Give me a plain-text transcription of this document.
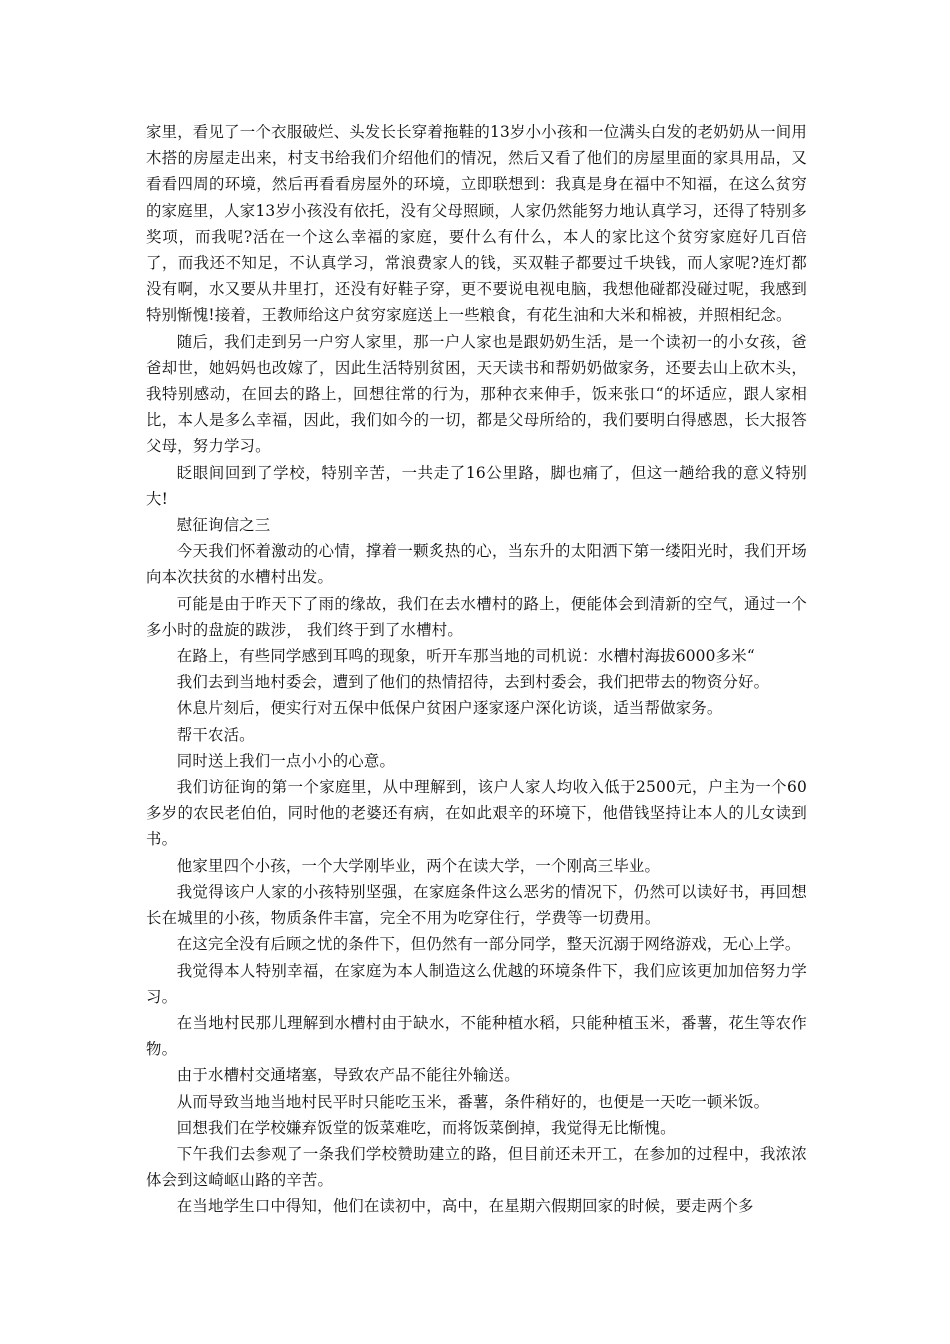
家里，看见了一个衣服破烂、头发长长穿着拖鞋的13岁小小孩和一位满头白发的老奶奶从一间用木搭的房屋走出来，村支书给我们介绍他们的情况，然后又看了他们的房屋里面的家具用品，又看看四周的环境，然后再看看房屋外的环境，立即联想到：我真是身在福中不知福，在这么贫穷的家庭里，人家13岁小孩没有依托，没有父母照顾，人家仍然能努力地认真学习，还得了特别多奖项，而我呢?活在一个这么幸福的家庭，要什么有什么，本人的家比这个贫穷家庭好几百倍了，而我还不知足，不认真学习，常浪费家人的钱，买双鞋子都要过千块钱，而人家呢?连灯都没有啊，水又要从井里打，还没有好鞋子穿，更不要说电视电脑，我想他碰都没碰过呢，我感到特别惭愧!接着，王教师给这户贫穷家庭送上一些粮食，有花生油和大米和棉被，并照相纪念。

随后，我们走到另一户穷人家里，那一户人家也是跟奶奶生活，是一个读初一的小女孩，爸爸却世，她妈妈也改嫁了，因此生活特别贫困，天天读书和帮奶奶做家务，还要去山上砍木头，我特别感动，在回去的路上，回想往常的行为，那种衣来伸手，饭来张口“的坏适应，跟人家相比，本人是多么幸福，因此，我们如今的一切，都是父母所给的，我们要明白得感恩，长大报答父母，努力学习。

眨眼间回到了学校，特别辛苦，一共走了16公里路，脚也痛了，但这一趟给我的意义特别大!

慰征询信之三

今天我们怀着激动的心情，撑着一颗炙热的心，当东升的太阳洒下第一缕阳光时，我们开场向本次扶贫的水槽村出发。

可能是由于昨天下了雨的缘故，我们在去水槽村的路上，便能体会到清新的空气，通过一个多小时的盘旋的跋涉， 我们终于到了水槽村。

在路上，有些同学感到耳鸣的现象，听开车那当地的司机说：水槽村海拔6000多米“

我们去到当地村委会，遭到了他们的热情招待，去到村委会，我们把带去的物资分好。

休息片刻后，便实行对五保中低保户贫困户逐家逐户深化访谈，适当帮做家务。

帮干农活。

同时送上我们一点小小的心意。

我们访征询的第一个家庭里，从中理解到，该户人家人均收入低于2500元，户主为一个60多岁的农民老伯伯，同时他的老婆还有病，在如此艰辛的环境下，他借钱坚持让本人的儿女读到书。

他家里四个小孩，一个大学刚毕业，两个在读大学，一个刚高三毕业。

我觉得该户人家的小孩特别坚强，在家庭条件这么恶劣的情况下，仍然可以读好书，再回想长在城里的小孩，物质条件丰富，完全不用为吃穿住行，学费等一切费用。

在这完全没有后顾之忧的条件下，但仍然有一部分同学，整天沉溺于网络游戏，无心上学。

我觉得本人特别幸福，在家庭为本人制造这么优越的环境条件下，我们应该更加加倍努力学习。

在当地村民那儿理解到水槽村由于缺水，不能种植水稻，只能种植玉米，番薯，花生等农作物。

由于水槽村交通堵塞，导致农产品不能往外输送。

从而导致当地当地村民平时只能吃玉米，番薯，条件稍好的，也便是一天吃一顿米饭。

回想我们在学校嫌弃饭堂的饭菜难吃，而将饭菜倒掉，我觉得无比惭愧。

下午我们去参观了一条我们学校赞助建立的路，但目前还未开工，在参加的过程中，我浓浓体会到这崎岖山路的辛苦。

在当地学生口中得知，他们在读初中，高中，在星期六假期回家的时候，要走两个多
